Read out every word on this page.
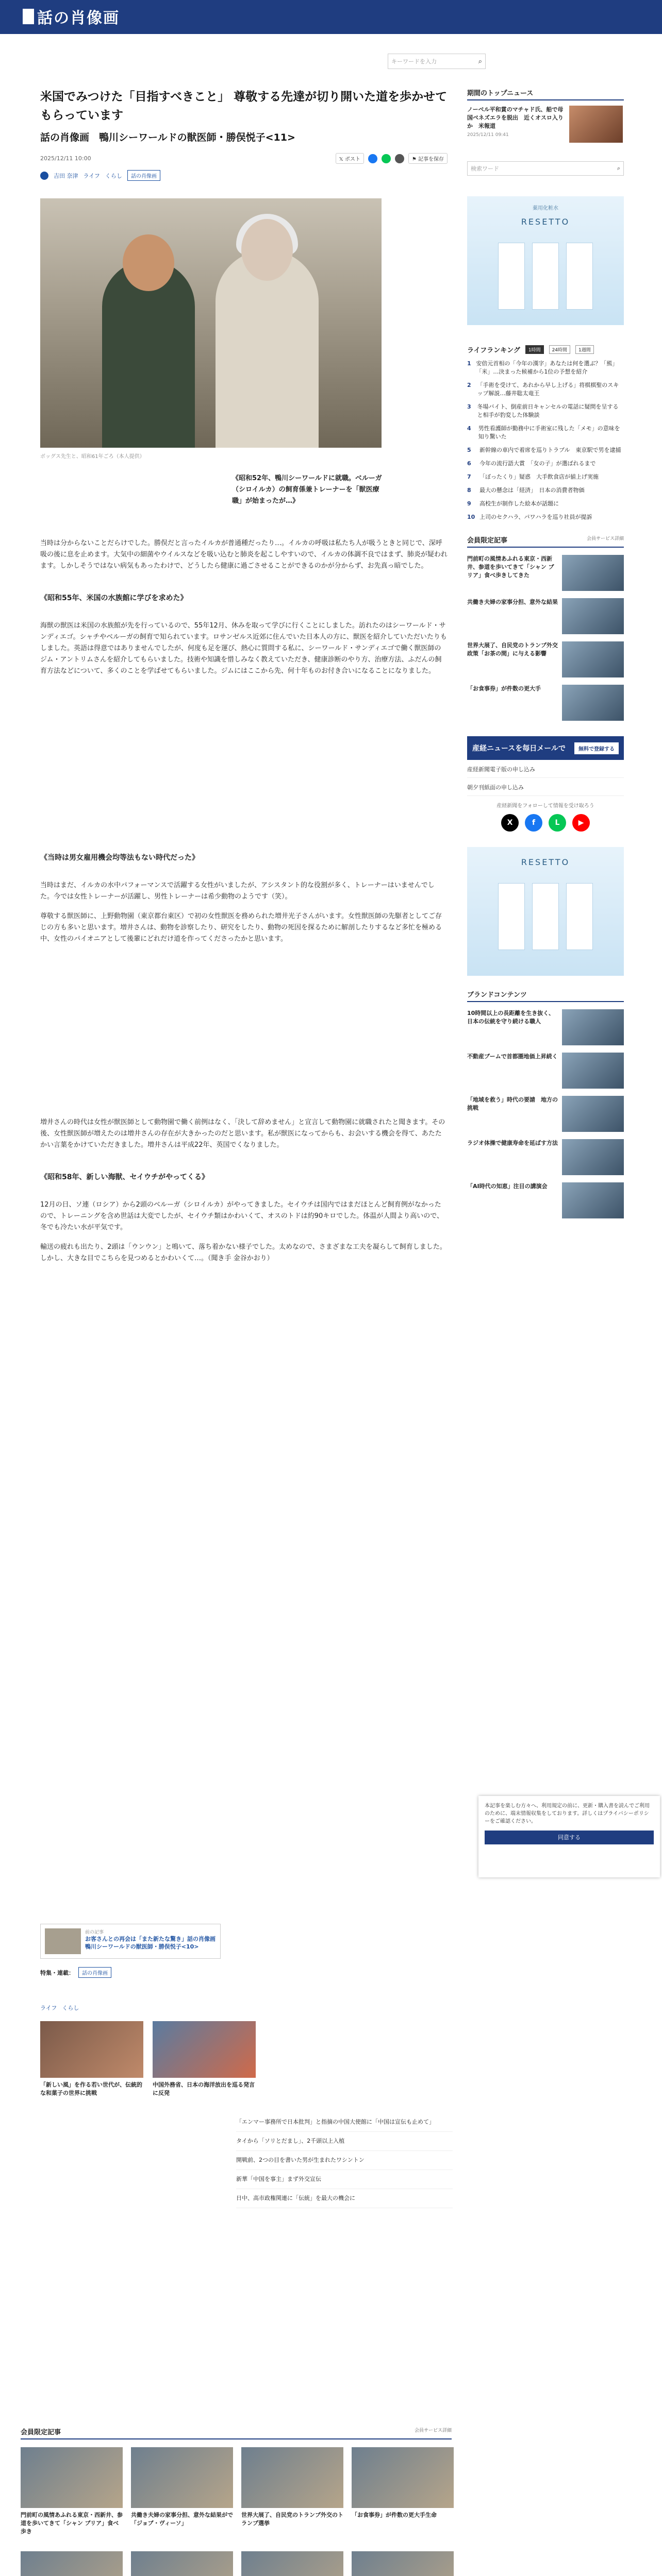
話の肖像画
キーワードを入力	⌕
米国でみつけた「目指すべきこと」 尊敬する先達が切り開いた道を歩かせてもらっています
話の肖像画　鴨川シーワールドの獣医師・勝俣悦子<11>
2025/12/11 10:00	𝕏 ポスト	⚑ 記事を保存
吉田 奈津 ライフ くらし	話の肖像画
ボッグス先生と、昭和61年ごろ（本人提供）
《昭和52年、鴨川シーワールドに就職。ベルーガ（シロイルカ）の飼育係兼トレーナーを「獣医療職」が始まったが…》

当時は分からないことだらけでした。勝俣だと言ったイルカが普通種だったり…。イルカの呼吸は私たち人が吸うときと同じで、深呼吸の後に息を止めます。大気中の細菌やウイルスなどを吸い込むと肺炎を起こしやすいので、イルカの体調不良ではまず、肺炎が疑われます。しかしそうではない病気もあったわけで、どうしたら健康に過ごさせることができるのかが分からず、お先真っ暗でした。

《昭和55年、米国の水族館に学びを求めた》

海獣の獣医は米国の水族館が先を行っているので、55年12月、休みを取って学びに行くことにしました。訪れたのはシーワールド・サンディエゴ。シャチやベルーガの飼育で知られています。ロサンゼルス近郊に住んでいた日本人の方に、獣医を紹介していただいたりもしました。英語は得意ではありませんでしたが、何度も足を運び、熱心に質問する私に、シーワールド・サンディエゴで働く獣医師のジム・アントリムさんを紹介してもらいました。技術や知識を惜しみなく教えていただき、健康診断のやり方、治療方法、ふだんの飼育方法などについて、多くのことを学ばせてもらいました。ジムにはここから先、何十年ものお付き合いになることになりました。

《当時は男女雇用機会均等法もない時代だった》

当時はまだ、イルカの水中パフォーマンスで活躍する女性がいましたが、アシスタント的な役割が多く、トレーナーはいませんでした。今では女性トレーナーが活躍し、男性トレーナーは希少動物のようです（笑）。

尊敬する獣医師に、上野動物園（東京都台東区）で初の女性獣医を務められた増井光子さんがいます。女性獣医師の先駆者としてご存じの方も多いと思います。増井さんは、動物を診察したり、研究をしたり、動物の死因を探るために解剖したりするなど多忙を極める中、女性のパイオニアとして後輩にどれだけ道を作ってくださったかと思います。

増井さんの時代は女性が獣医師として動物園で働く前例はなく、「決して辞めません」と宣言して動物園に就職されたと聞きます。その後、女性獣医師が増えたのは増井さんの存在が大きかったのだと思います。私が獣医になってからも、お会いする機会を得て、あたたかい言葉をかけていただきました。増井さんは平成22年、英国でくなりました。

《昭和58年、新しい海獣、セイウチがやってくる》

12月の日、ソ連（ロシア）から2頭のベルーガ（シロイルカ）がやってきました。セイウチは国内ではまだほとんど飼育例がなかったので、トレーニングを含め世話は大変でしたが、セイウチ類はかわいくて、オスのトドは約90キロでした。体温が人間より高いので、冬でも冷たい水が平気です。

輸送の疲れも出たり、2頭は「ウンウン」と鳴いて、落ち着かない様子でした。太めなので、さまざまな工夫を凝らして飼育しました。しかし、大きな目でこちらを見つめるとかわいくて…。（聞き手 金谷かおり）

期間のトップニュース
ノーベル平和賞のマチャド氏、船で母国ベネズエラを脱出　近くオスロ入りか　米報道
2025/12/11 09:41
検索ワード	⌕
薬用化粧水
RESETTO
ライフランキング	1時間	24時間	1週間
1 安倍元首相の「今年の漢字」あなたは何を選ぶ？「熊」「米」…決まった候補から1位の予想を紹介
2	「手術を受けて、あれから早し上げる」将棋棋聖のスキップ解説…藤井聡太竜王
3	冬場バイト、倒産前日キャンセルの電話に疑問を呈すると相手が豹変した体験談
4	男性看護師が勤務中に手術室に残した「メモ」の意味を知り驚いた
5	新幹線の車内で着席を巡りトラブル　東京駅で男を逮捕
6	今年の流行語大賞　「女の子」が選ばれるまで
7	「ぼったくり」疑惑　大手飲食店が値上げ実施
8	最大の懸念は「経済」　日本の消費者物価
9	高校生が制作した絵本が話題に
10 上司のセクハラ、パワハラを巡り社員が提訴
会員限定記事	会員サービス詳細
門前町の風情あふれる東京・西新井、参道を歩いてきて「シャン ブリア」食べ歩きしてきた
共働き夫婦の家事分担、意外な結果
世界大展了、自民党のトランプ外交政策「お茶の間」に与える影響
「お食事券」が件数の更大手
産経ニュースを毎日メールで	無料で登録する
産経新聞電子版の申し込み
朝夕刊紙面の申し込み
産経新聞をフォローして情報を受け取ろう
X	f	L	▶
RESETTO
ブランドコンテンツ
10時間以上の長距離を生き抜く、日本の伝統を守り続ける職人
不動産ブームで首都圏地価上昇続く
「地域を救う」時代の要請　地方の挑戦
ラジオ体操で健康寿命を延ばす方法
「AI時代の知恵」注目の講演会
本記事を楽しむ方々へ、利用規定の前に、更新・購入書を読んでご利用のために、端末情報収集をしております。詳しくはプライバシーポリシーをご確認ください。
同意する
前の記事
お客さんとの再会は「また新たな驚き」話の肖像画　鴨川シーワールドの獣医師・勝俣悦子<10>
特集・連載：	話の肖像画
ライフ くらし
「新しい風」を作る若い世代が、伝統的な和菓子の世界に挑戦
中国外務省、日本の海洋放出を巡る発言に反発
「エンマー事務所で日本批判」と指摘の中国大使館に「中国は宣伝も止めて」
タイから「ソリとだまし」、2千頭以上入植
開戦前、2つの目を書いた男が生まれたワシントン
新華「中国を事主」まず外交宣伝
日中、高市政権関連に「伝統」を最大の機会に
会員限定記事	会員サービス詳細
門前町の風情あふれる東京・西新井、参道を歩いてきて「シャン ブリア」食べ歩き
共働き夫婦の家事分担、意外な結果がで「ジョブ・ヴィーソ」
世界大展了、自民党のトランプ外交のトランプ選挙
「お食事券」が件数の更大手生命
